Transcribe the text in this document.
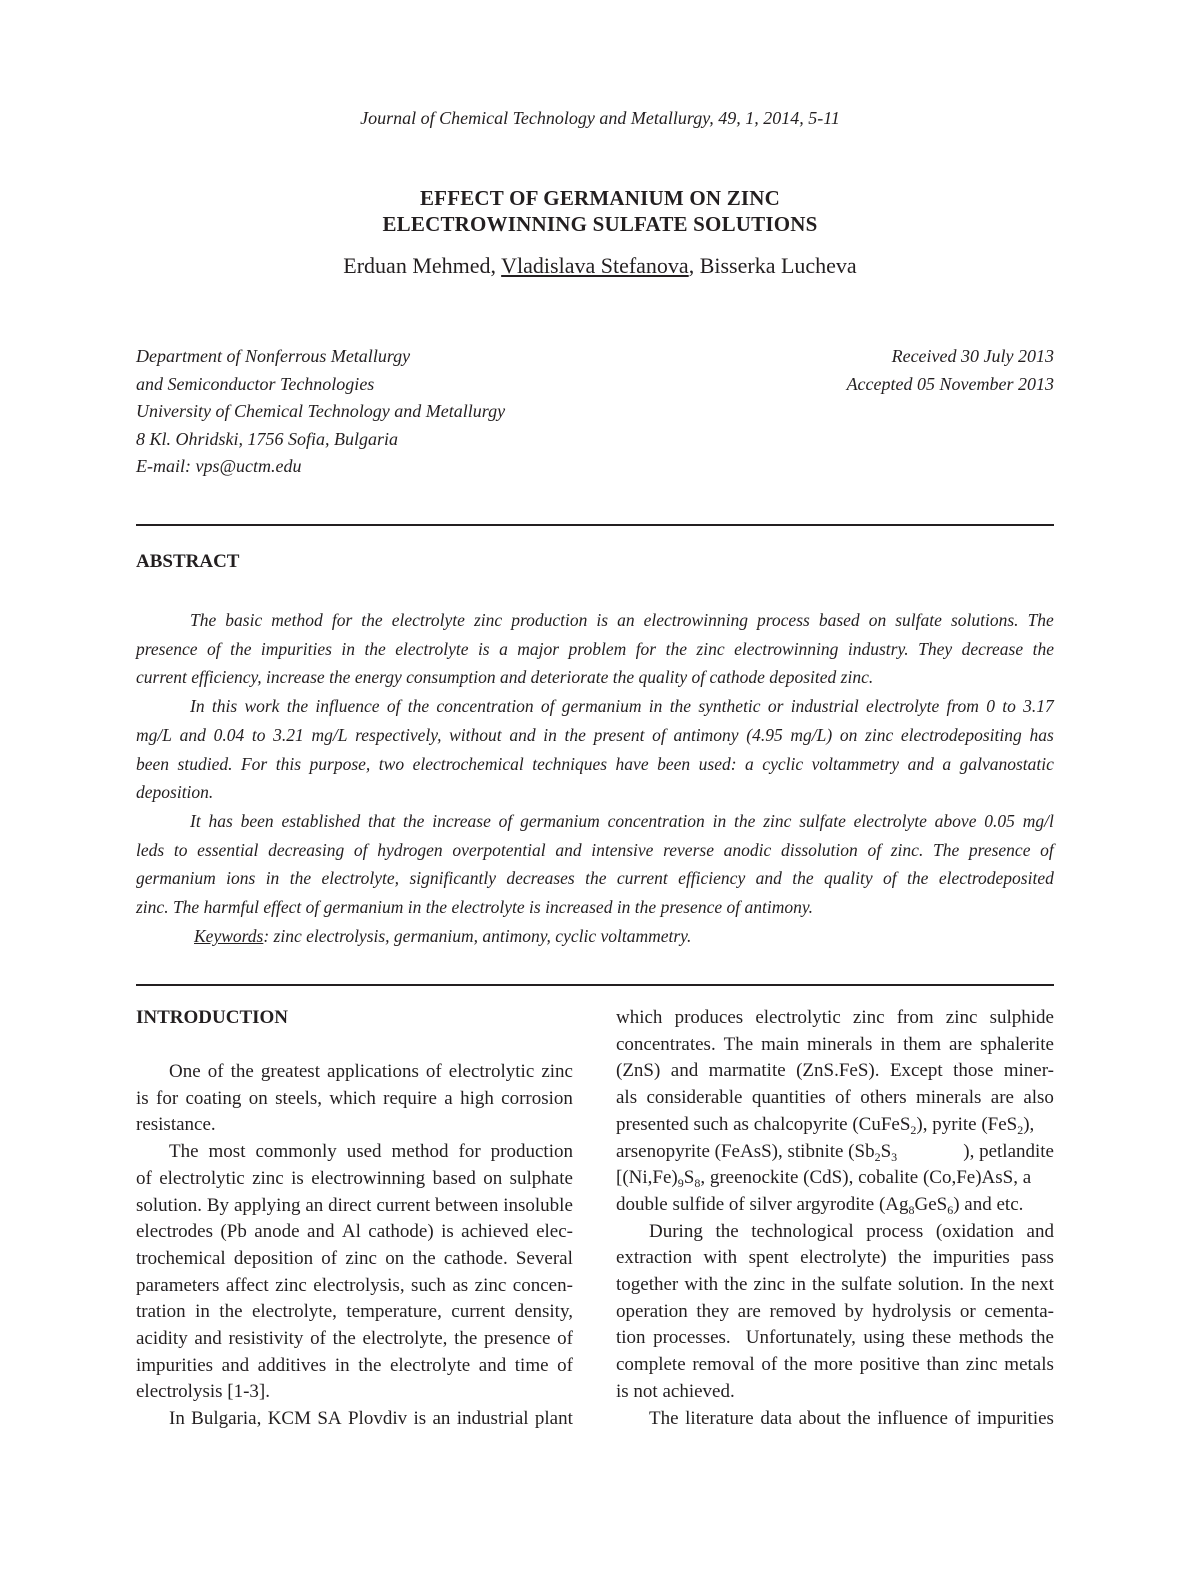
Journal of Chemical Technology and Metallurgy, 49, 1, 2014, 5-11
EFFECT OF GERMANIUM ON ZINC
ELECTROWINNING SULFATE SOLUTIONS
Erduan Mehmed, Vladislava Stefanova, Bisserka Lucheva
Department of Nonferrous Metallurgy
and Semiconductor Technologies
University of Chemical Technology and Metallurgy
8 Kl. Ohridski, 1756 Sofia, Bulgaria
E-mail: vps@uctm.edu
Received 30 July 2013
Accepted 05 November 2013
ABSTRACT
The basic method for the electrolyte zinc production is an electrowinning process based on sulfate solutions. The
presence of the impurities in the electrolyte is a major problem for the zinc electrowinning industry. They decrease the
current efficiency, increase the energy consumption and deteriorate the quality of cathode deposited zinc.
In this work the influence of the concentration of germanium in the synthetic or industrial electrolyte from 0 to 3.17
mg/L and 0.04 to 3.21 mg/L respectively, without and in the present of antimony (4.95 mg/L) on zinc electrodepositing has
been studied. For this purpose, two electrochemical techniques have been used: a cyclic voltammetry and a galvanostatic
deposition.
It has been established that the increase of germanium concentration in the zinc sulfate electrolyte above 0.05 mg/l
leds to essential decreasing of hydrogen overpotential and intensive reverse anodic dissolution of zinc. The presence of
germanium ions in the electrolyte, significantly decreases the current efficiency and the quality of the electrodeposited
zinc. The harmful effect of germanium in the electrolyte is increased in the presence of antimony.
Keywords : zinc electrolysis, germanium, antimony, cyclic voltammetry.
INTRODUCTION
One of the greatest applications of electrolytic zinc
is for coating on steels, which require a high corrosion
resistance.
The most commonly used method for production
of electrolytic zinc is electrowinning based on sulphate
solution. By applying an direct current between insoluble
electrodes (Pb anode and Al cathode) is achieved elec-
trochemical deposition of zinc on the cathode. Several
parameters affect zinc electrolysis, such as zinc concen-
tration in the electrolyte, temperature, current density,
acidity and resistivity of the electrolyte, the presence of
impurities and additives in the electrolyte and time of
electrolysis [1-3].
In Bulgaria, KCM SA Plovdiv is an industrial plant
which produces electrolytic zinc from zinc sulphide
concentrates. The main minerals in them are sphalerite
(ZnS) and marmatite (ZnS.FeS). Except those miner-
als considerable quantities of others minerals are also
presented such as chalcopyrite (CuFeS$_2$), pyrite (FeS$_2$),
arsenopyrite (FeAsS), stibnite ($Sb_2S_3$	), petlandite
[$(Ni,Fe)_9S_8$, greenockite (CdS), cobalite (Co,Fe)AsS, a
double sulfide of silver argyrodite $(Ag_8GeS_6)$ and etc.
During the technological process (oxidation and
extraction with spent electrolyte) the impurities pass
together with the zinc in the sulfate solution. In the next
operation they are removed by hydrolysis or cementa-
tion processes. Unfortunately, using these methods the
complete removal of the more positive than zinc metals
is not achieved.
The literature data about the influence of impurities
